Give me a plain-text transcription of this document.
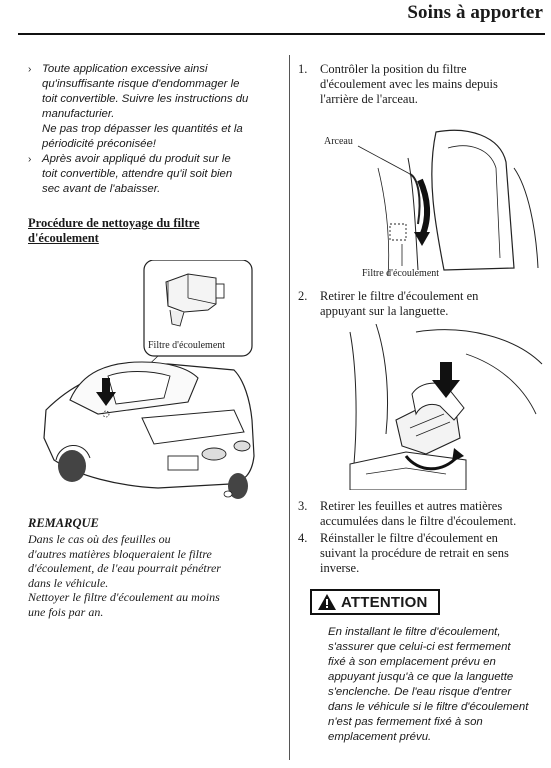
Soins à apporter
› Toute application excessive ainsi
qu'insuffisante risque d'endommager le
toit convertible. Suivre les instructions du
manufacturier.
Ne pas trop dépasser les quantités et la
périodicité préconisée!
› Après avoir appliqué du produit sur le
toit convertible, attendre qu'il soit bien
sec avant de l'abaisser.
Procédure de nettoyage du filtre
d'écoulement
Filtre d'écoulement
REMARQUE
Dans le cas où des feuilles ou
d'autres matières bloqueraient le filtre
d'écoulement, de l'eau pourrait pénétrer
dans le véhicule.
Nettoyer le filtre d'écoulement au moins
une fois par an.
1. Contrôler la position du filtre
d'écoulement avec les mains depuis
l'arrière de l'arceau.
Arceau
Filtre d'écoulement
2. Retirer le filtre d'écoulement en
appuyant sur la languette.
3. Retirer les feuilles et autres matières
accumulées dans le filtre d'écoulement.
4. Réinstaller le filtre d'écoulement en
suivant la procédure de retrait en sens
inverse.
ATTENTION
En installant le filtre d'écoulement,
s'assurer que celui-ci est fermement
fixé à son emplacement prévu en
appuyant jusqu'à ce que la languette
s'enclenche. De l'eau risque d'entrer
dans le véhicule si le filtre d'écoulement
n'est pas fermement fixé à son
emplacement prévu.
